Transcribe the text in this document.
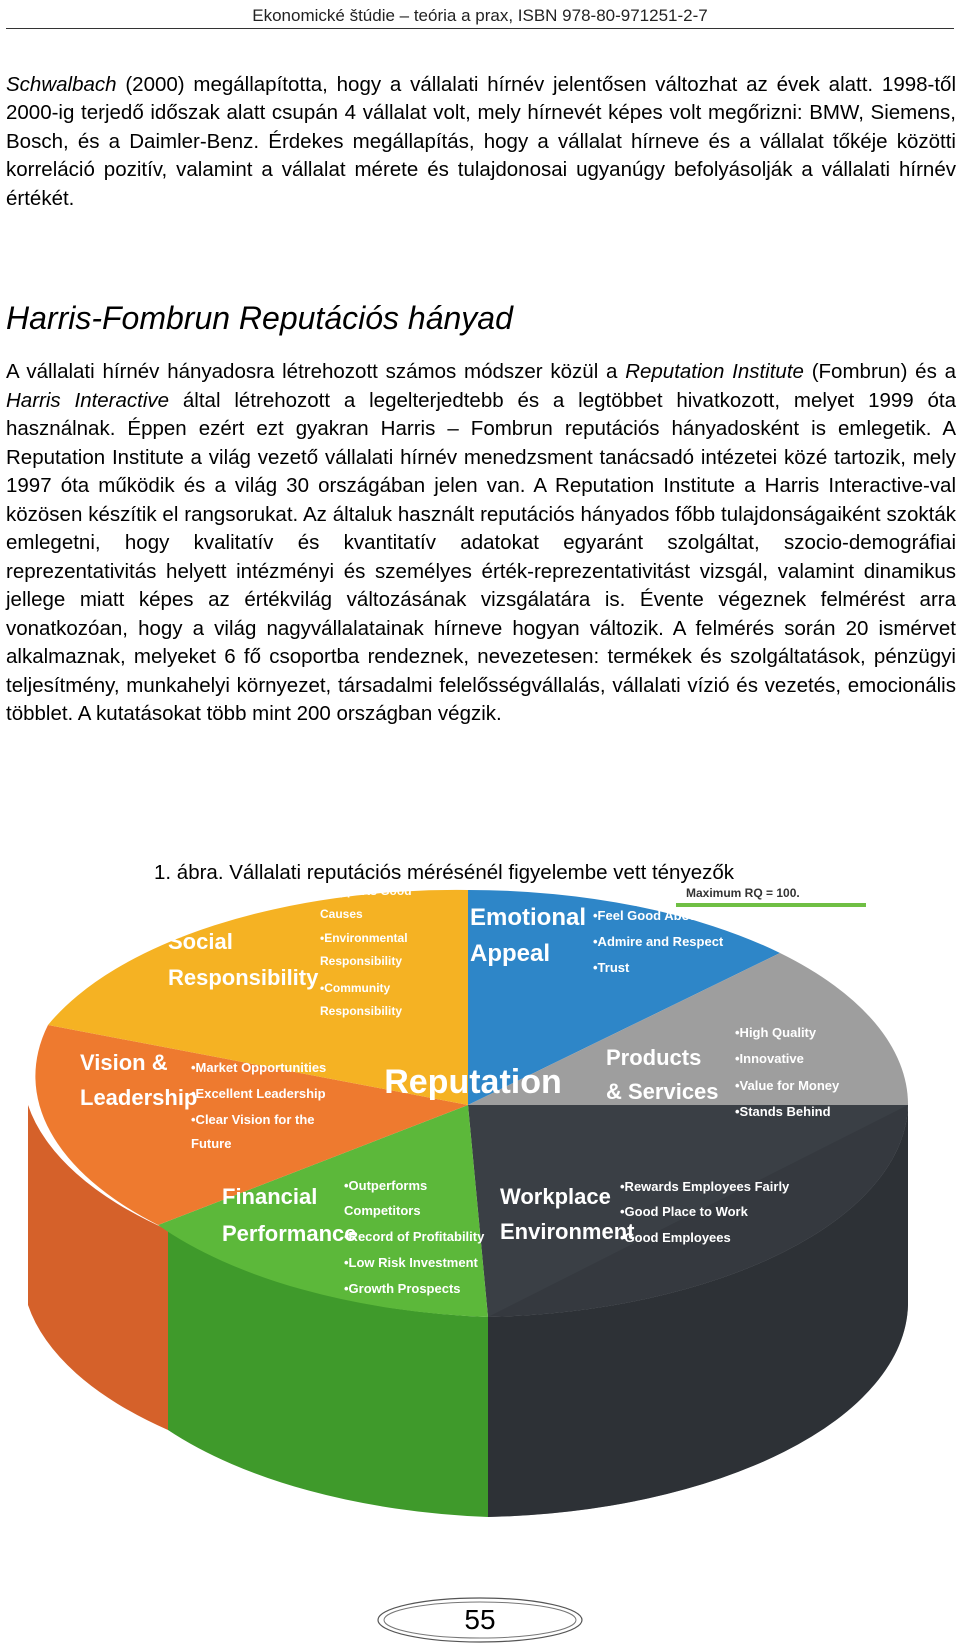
Ekonomické štúdie – teória a prax, ISBN 978-80-971251-2-7

Schwalbach (2000) megállapította, hogy a vállalati hírnév jelentősen változhat az évek alatt. 1998-től 2000-ig terjedő időszak alatt csupán 4 vállalat volt, mely hírnevét képes volt megőrizni: BMW, Siemens, Bosch, és a Daimler-Benz. Érdekes megállapítás, hogy a vállalat hírneve és a vállalat tőkéje közötti korreláció pozitív, valamint a vállalat mérete és tulajdonosai ugyanúgy befolyásolják a vállalati hírnév értékét.

Harris-Fombrun Reputációs hányad

A vállalati hírnév hányadosra létrehozott számos módszer közül a Reputation Institute (Fombrun) és a Harris Interactive által létrehozott a legelterjedtebb és a legtöbbet hivatkozott, melyet 1999 óta használnak. Éppen ezért ezt gyakran Harris – Fombrun reputációs hányadosként is emlegetik. A Reputation Institute a világ vezető vállalati hírnév menedzsment tanácsadó intézetei közé tartozik, mely 1997 óta működik és a világ 30 országában jelen van. A Reputation Institute a Harris Interactive-val közösen készítik el rangsorukat. Az általuk használt reputációs hányados főbb tulajdonságaiként szokták emlegetni, hogy kvalitatív és kvantitatív adatokat egyaránt szolgáltat, szocio-demográfiai reprezentativitás helyett intézményi és személyes érték-reprezentativitást vizsgál, valamint dinamikus jellege miatt képes az értékvilág változásának vizsgálatára is. Évente végeznek felmérést arra vonatkozóan, hogy a világ nagyvállalatainak hírneve hogyan változik. A felmérés során 20 ismérvet alkalmaznak, melyeket 6 fő csoportba rendeznek, nevezetesen: termékek és szolgáltatások, pénzügyi teljesítmény, munkahelyi környezet, társadalmi felelősségvállalás, vállalati vízió és vezetés, emocionális többlet. A kutatásokat több mint 200 országban végzik.

1. ábra. Vállalati reputációs mérésénél figyelembe vett tényezők

Maximum RQ = 100.
Reputation
Emotional
Appeal
•Feel Good About
•Admire and Respect
•Trust
Products
& Services
•High Quality
•Innovative
•Value for Money
•Stands Behind
Workplace
Environment
•Rewards Employees Fairly
•Good Place to Work
•Good Employees
Financial
Performance
•Outperforms
Competitors
•Record of Profitability
•Low Risk Investment
•Growth Prospects
Vision &
Leadership
•Market Opportunities
•Excellent Leadership
•Clear Vision for the
Future
Social
Responsibility
•Supports Good
Causes
•Environmental
Responsibility
•Community
Responsibility
55
